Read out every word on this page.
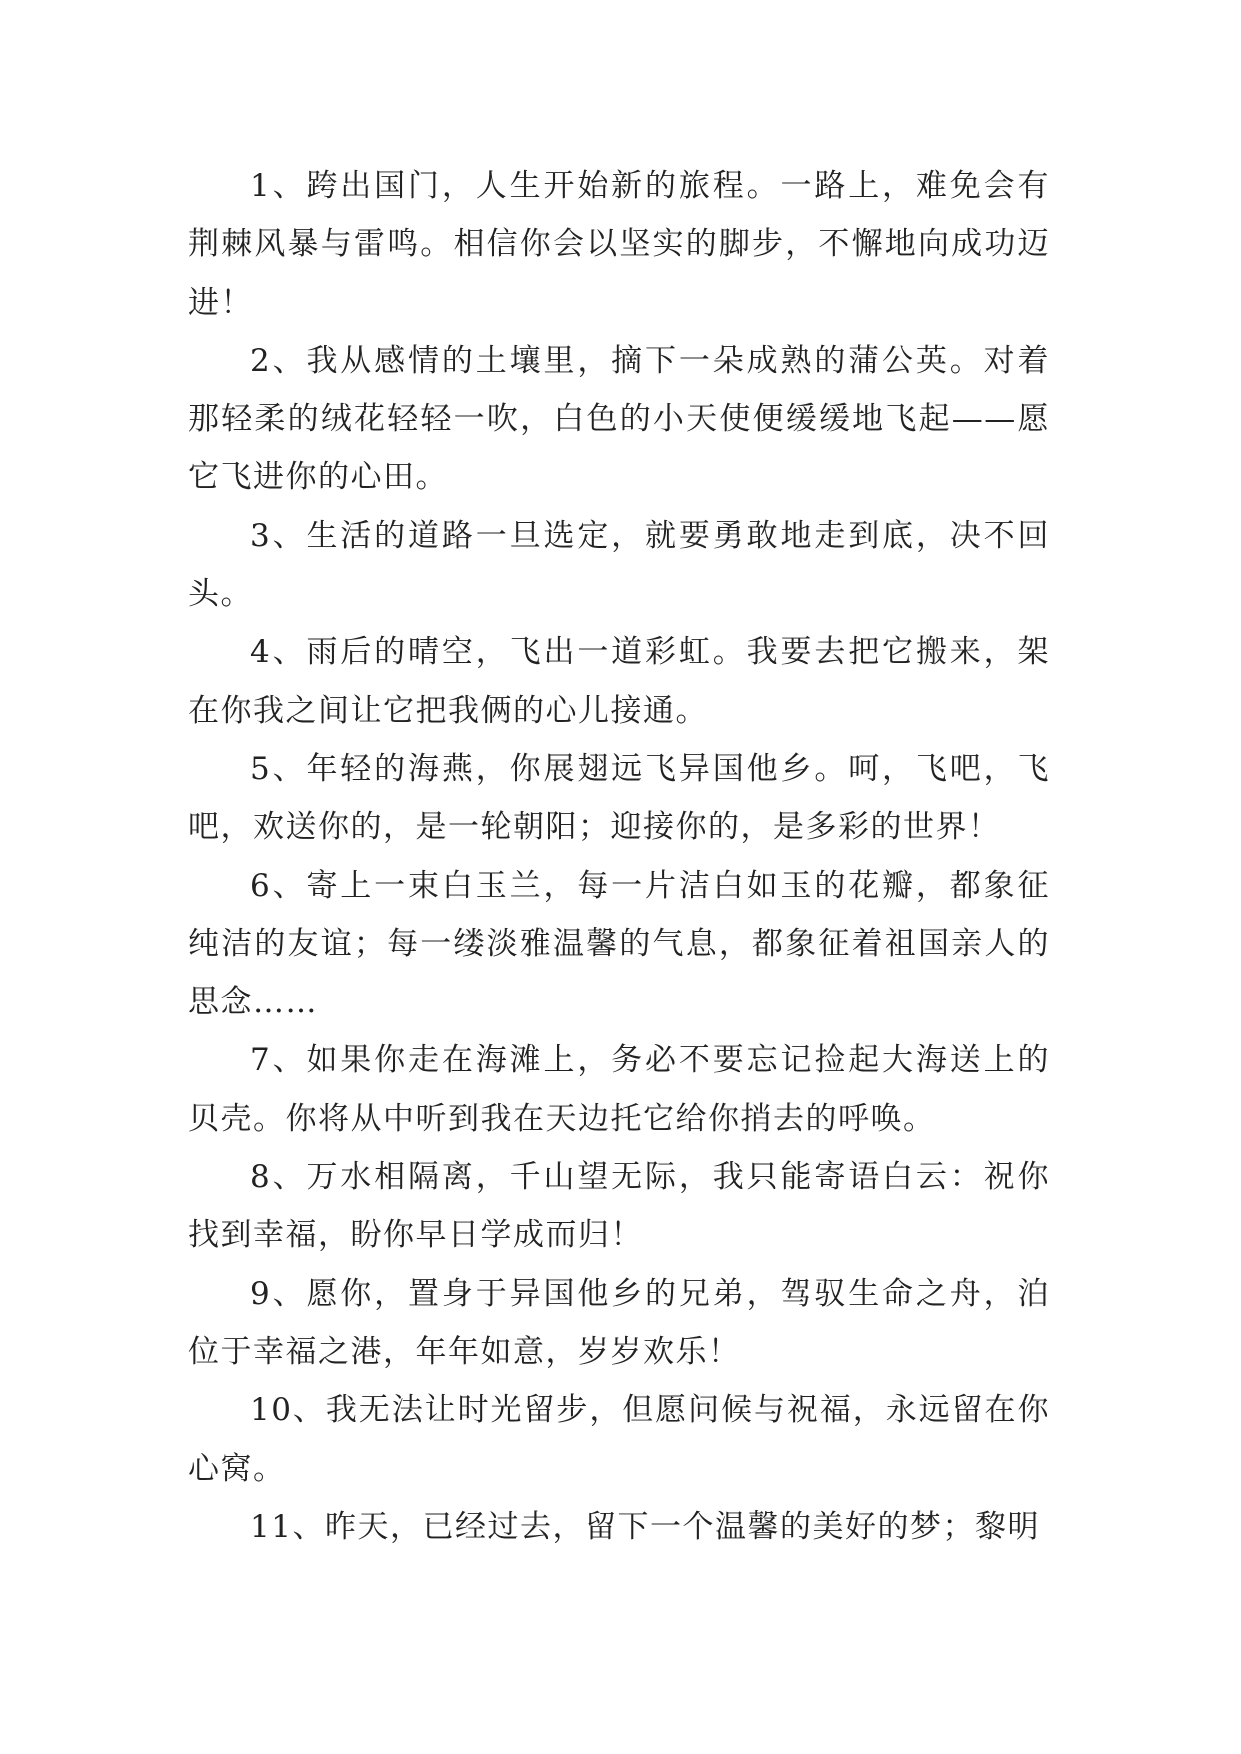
1、跨出国门，人生开始新的旅程。一路上，难免会有荆棘风暴与雷鸣。相信你会以坚实的脚步，不懈地向成功迈进！

2、我从感情的土壤里，摘下一朵成熟的蒲公英。对着那轻柔的绒花轻轻一吹，白色的小天使便缓缓地飞起——愿它飞进你的心田。

3、生活的道路一旦选定，就要勇敢地走到底，决不回头。

4、雨后的晴空，飞出一道彩虹。我要去把它搬来，架在你我之间让它把我俩的心儿接通。

5、年轻的海燕，你展翅远飞异国他乡。呵，飞吧，飞吧，欢送你的，是一轮朝阳；迎接你的，是多彩的世界！

6、寄上一束白玉兰，每一片洁白如玉的花瓣，都象征纯洁的友谊；每一缕淡雅温馨的气息，都象征着祖国亲人的思念……

7、如果你走在海滩上，务必不要忘记捡起大海送上的贝壳。你将从中听到我在天边托它给你捎去的呼唤。

8、万水相隔离，千山望无际，我只能寄语白云：祝你找到幸福，盼你早日学成而归！

9、愿你，置身于异国他乡的兄弟，驾驭生命之舟，泊位于幸福之港，年年如意，岁岁欢乐！

10、我无法让时光留步，但愿问候与祝福，永远留在你心窝。

11、昨天，已经过去，留下一个温馨的美好的梦；黎明
